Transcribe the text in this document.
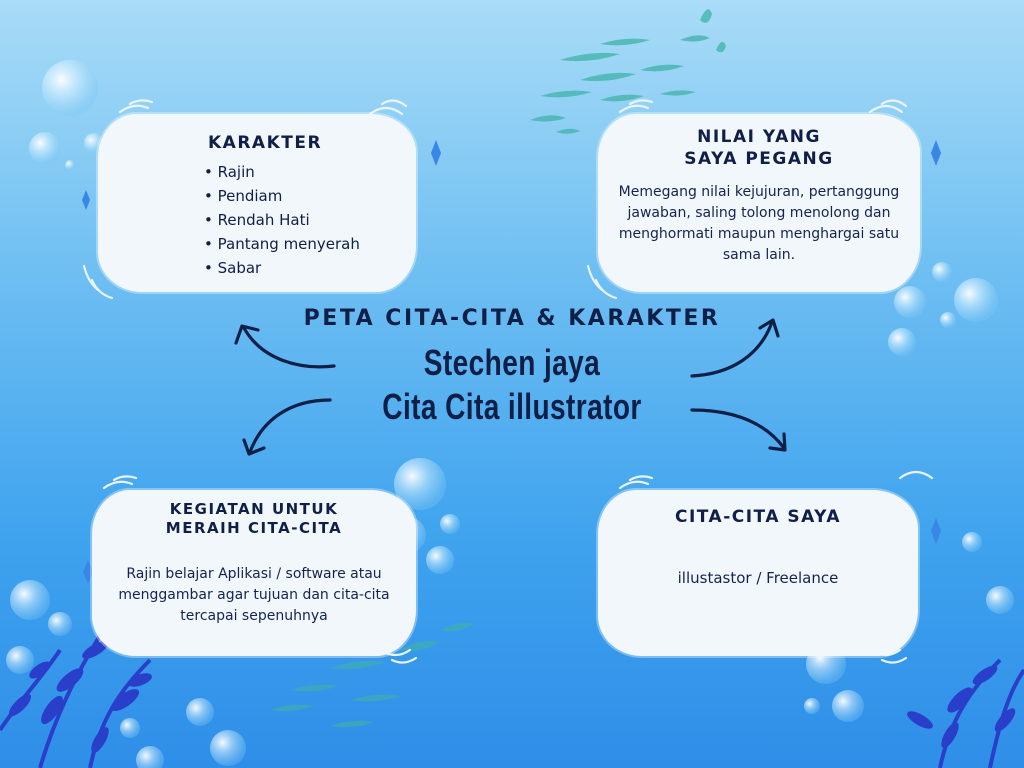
KARAKTER
• Rajin
• Pendiam
• Rendah Hati
• Pantang menyerah
• Sabar
NILAI YANG
SAYA PEGANG
Memegang nilai kejujuran, pertanggung jawaban, saling tolong menolong dan menghormati maupun menghargai satu sama lain.
KEGIATAN UNTUK
MERAIH CITA-CITA
Rajin belajar Aplikasi / software atau menggambar agar tujuan dan cita-cita tercapai sepenuhnya
CITA-CITA SAYA
illustastor / Freelance
PETA CITA-CITA & KARAKTER
Stechen jaya
Cita Cita illustrator
